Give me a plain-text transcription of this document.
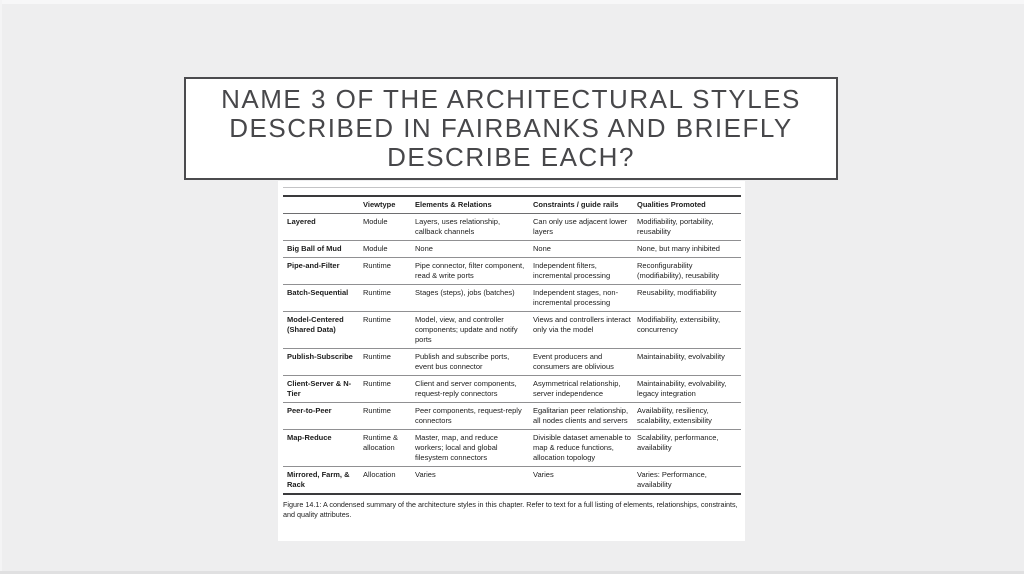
NAME 3 OF THE ARCHITECTURAL STYLES
DESCRIBED IN FAIRBANKS AND BRIEFLY
DESCRIBE EACH?
	Viewtype	Elements & Relations	Constraints / guide rails	Qualities Promoted
Layered	Module	Layers, uses relationship, callback channels	Can only use adjacent lower layers	Modifiability, portability, reusability
Big Ball of Mud	Module	None	None	None, but many inhibited
Pipe-and-Filter	Runtime	Pipe connector, filter component, read & write ports	Independent filters, incremental processing	Reconfigurability (modifiability), reusability
Batch-Sequential	Runtime	Stages (steps), jobs (batches)	Independent stages, non-incremental processing	Reusability, modifiability
Model-Centered (Shared Data)	Runtime	Model, view, and controller components; update and notify ports	Views and controllers interact only via the model	Modifiability, extensibility, concurrency
Publish-Subscribe	Runtime	Publish and subscribe ports, event bus connector	Event producers and consumers are oblivious	Maintainability, evolvability
Client-Server & N-Tier	Runtime	Client and server components, request-reply connectors	Asymmetrical relationship, server independence	Maintainability, evolvability, legacy integration
Peer-to-Peer	Runtime	Peer components, request-reply connectors	Egalitarian peer relationship, all nodes clients and servers	Availability, resiliency, scalability, extensibility
Map-Reduce	Runtime & allocation	Master, map, and reduce workers; local and global filesystem connectors	Divisible dataset amenable to map & reduce functions, allocation topology	Scalability, performance, availability
Mirrored, Farm, & Rack	Allocation	Varies	Varies	Varies: Performance, availability
Figure 14.1: A condensed summary of the architecture styles in this chapter. Refer to text for a full listing of elements, relationships, constraints, and quality attributes.
